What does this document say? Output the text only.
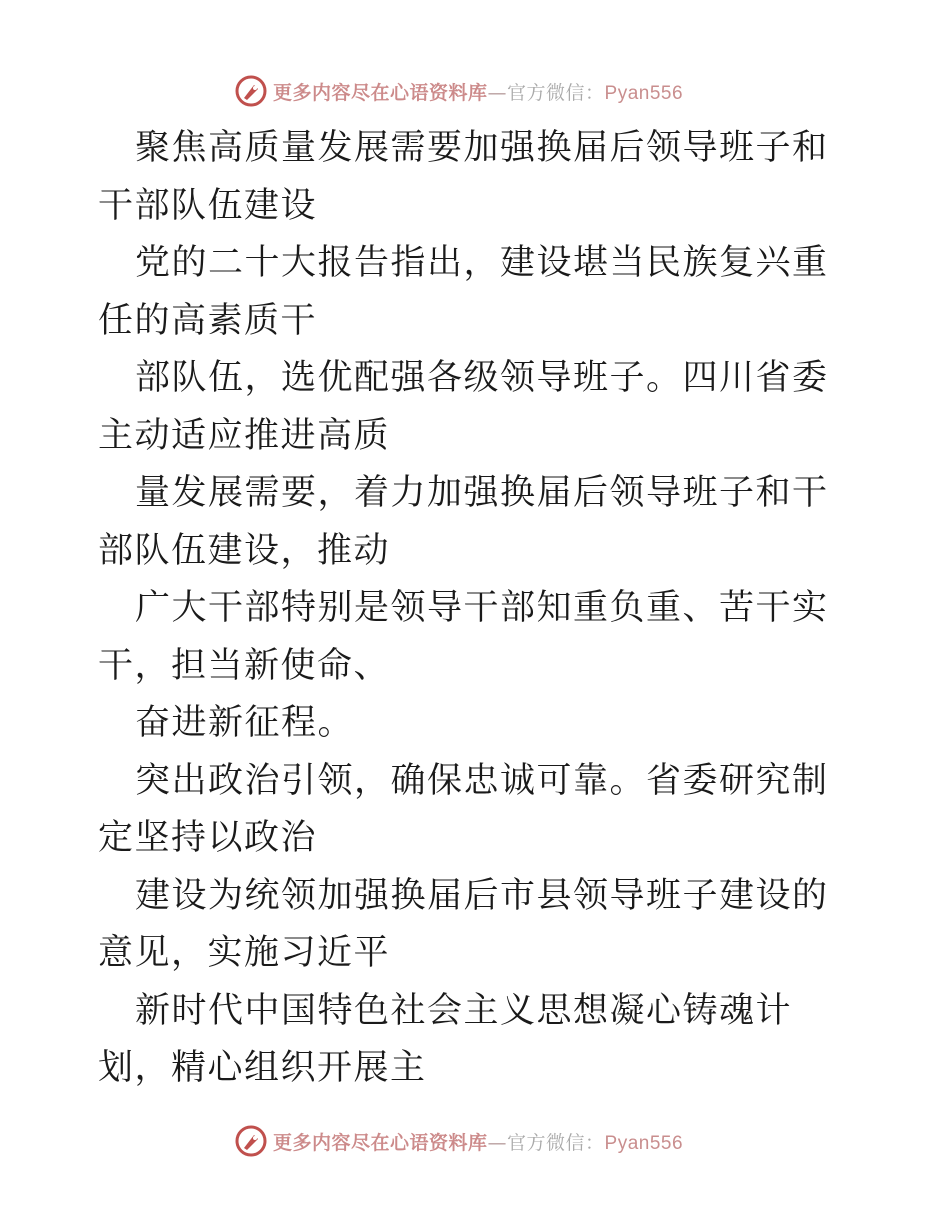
更多内容尽在心语资料库—官方微信：Pyan556

聚焦高质量发展需要加强换届后领导班子和干部队伍建设

党的二十大报告指出，建设堪当民族复兴重任的高素质干

部队伍，选优配强各级领导班子。四川省委主动适应推进高质

量发展需要，着力加强换届后领导班子和干部队伍建设，推动

广大干部特别是领导干部知重负重、苦干实干，担当新使命、

奋进新征程。

突出政治引领，确保忠诚可靠。省委研究制定坚持以政治

建设为统领加强换届后市县领导班子建设的意见，实施习近平

新时代中国特色社会主义思想凝心铸魂计划，精心组织开展主

更多内容尽在心语资料库—官方微信：Pyan556
